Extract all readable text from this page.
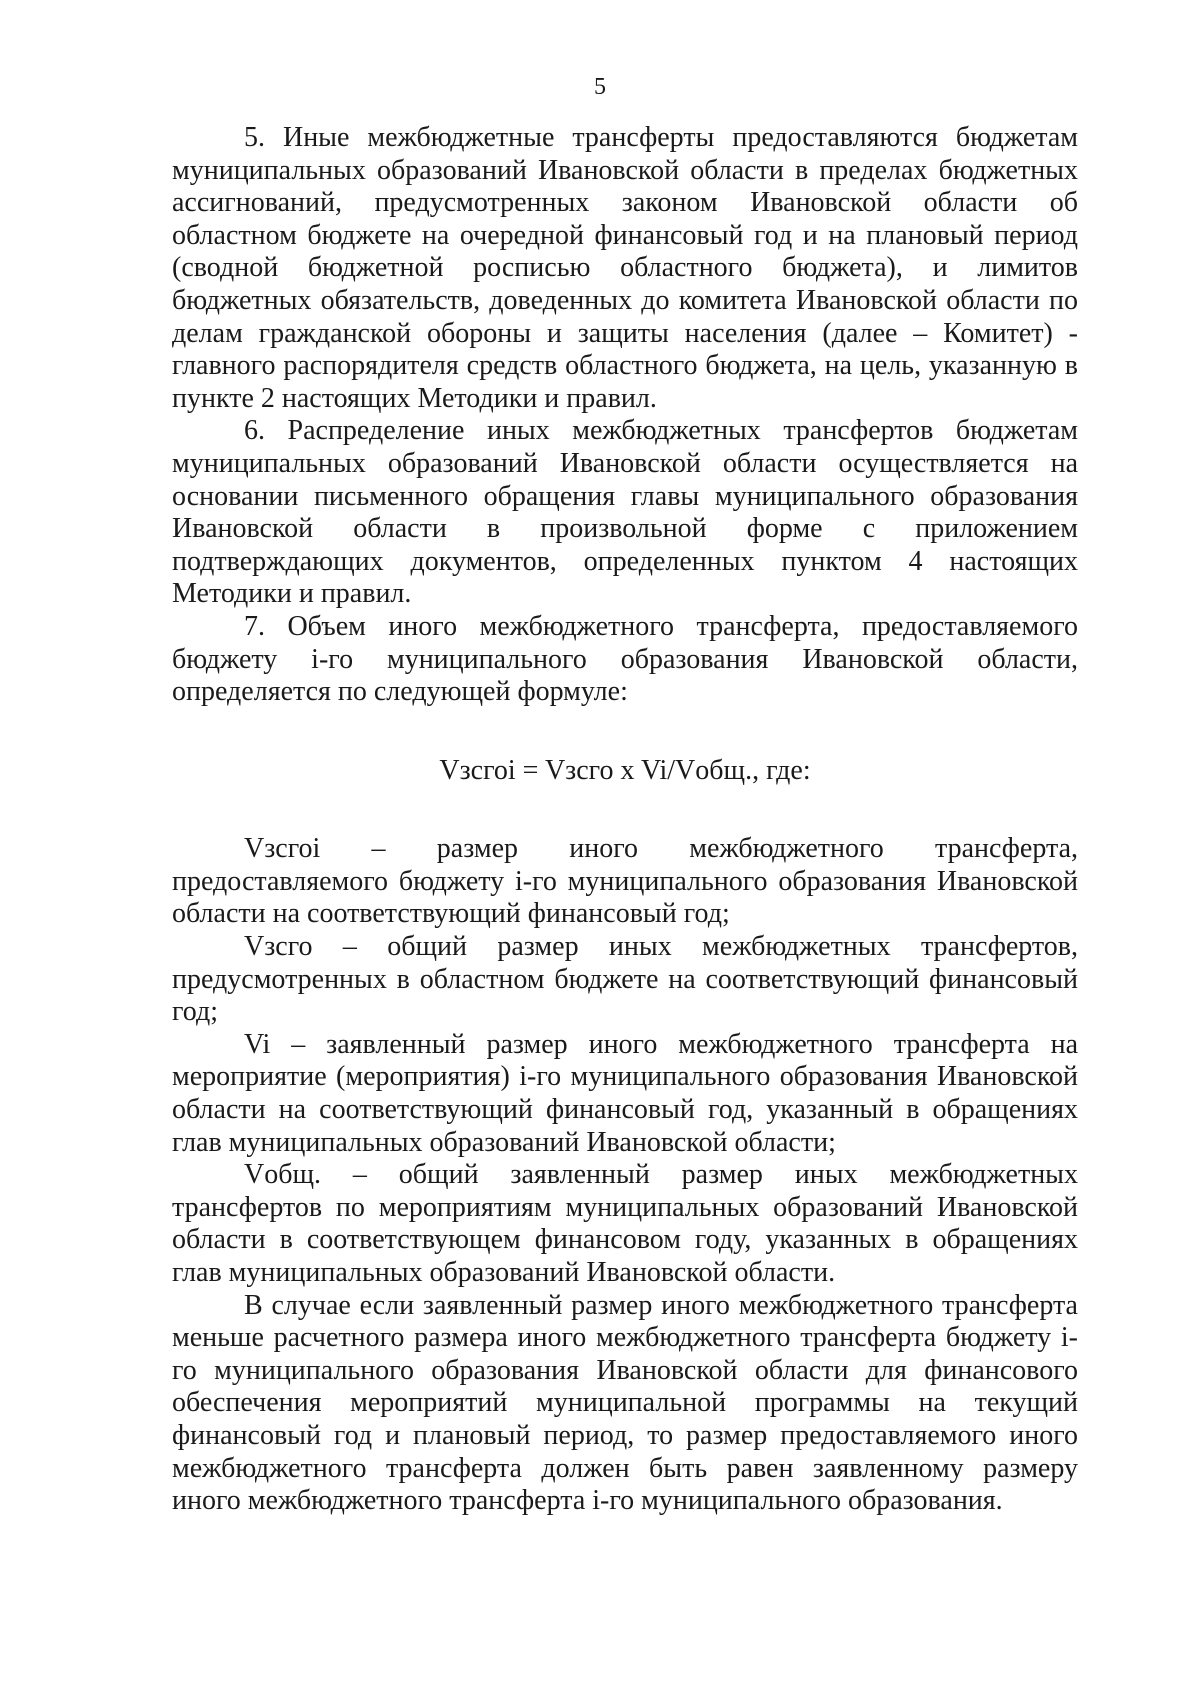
5

5. Иные межбюджетные трансферты предоставляются бюджетам муниципальных образований Ивановской области в пределах бюджетных ассигнований, предусмотренных законом Ивановской области об областном бюджете на очередной финансовый год и на плановый период (сводной бюджетной росписью областного бюджета), и лимитов бюджетных обязательств, доведенных до комитета Ивановской области по делам гражданской обороны и защиты населения (далее – Комитет) - главного распорядителя средств областного бюджета, на цель, указанную в пункте 2 настоящих Методики и правил.

6. Распределение иных межбюджетных трансфертов бюджетам муниципальных образований Ивановской области осуществляется на основании письменного обращения главы муниципального образования Ивановской области в произвольной форме с приложением подтверждающих документов, определенных пунктом 4 настоящих Методики и правил.

7. Объем иного межбюджетного трансферта, предоставляемого бюджету i-го муниципального образования Ивановской области, определяется по следующей формуле:

Vзсгоi = Vзсго x Vi/Vобщ., где:

Vзсгоi – размер иного межбюджетного трансферта, предоставляемого бюджету i-го муниципального образования Ивановской области на соответствующий финансовый год;

Vзсго – общий размер иных межбюджетных трансфертов, предусмотренных в областном бюджете на соответствующий финансовый год;

Vi – заявленный размер иного межбюджетного трансферта на мероприятие (мероприятия) i-го муниципального образования Ивановской области на соответствующий финансовый год, указанный в обращениях глав муниципальных образований Ивановской области;

Vобщ. – общий заявленный размер иных межбюджетных трансфертов по мероприятиям муниципальных образований Ивановской области в соответствующем финансовом году, указанных в обращениях глав муниципальных образований Ивановской области.

В случае если заявленный размер иного межбюджетного трансферта меньше расчетного размера иного межбюджетного трансферта бюджету i-го муниципального образования Ивановской области для финансового обеспечения мероприятий муниципальной программы на текущий финансовый год и плановый период, то размер предоставляемого иного межбюджетного трансферта должен быть равен заявленному размеру иного межбюджетного трансферта i-го муниципального образования.
